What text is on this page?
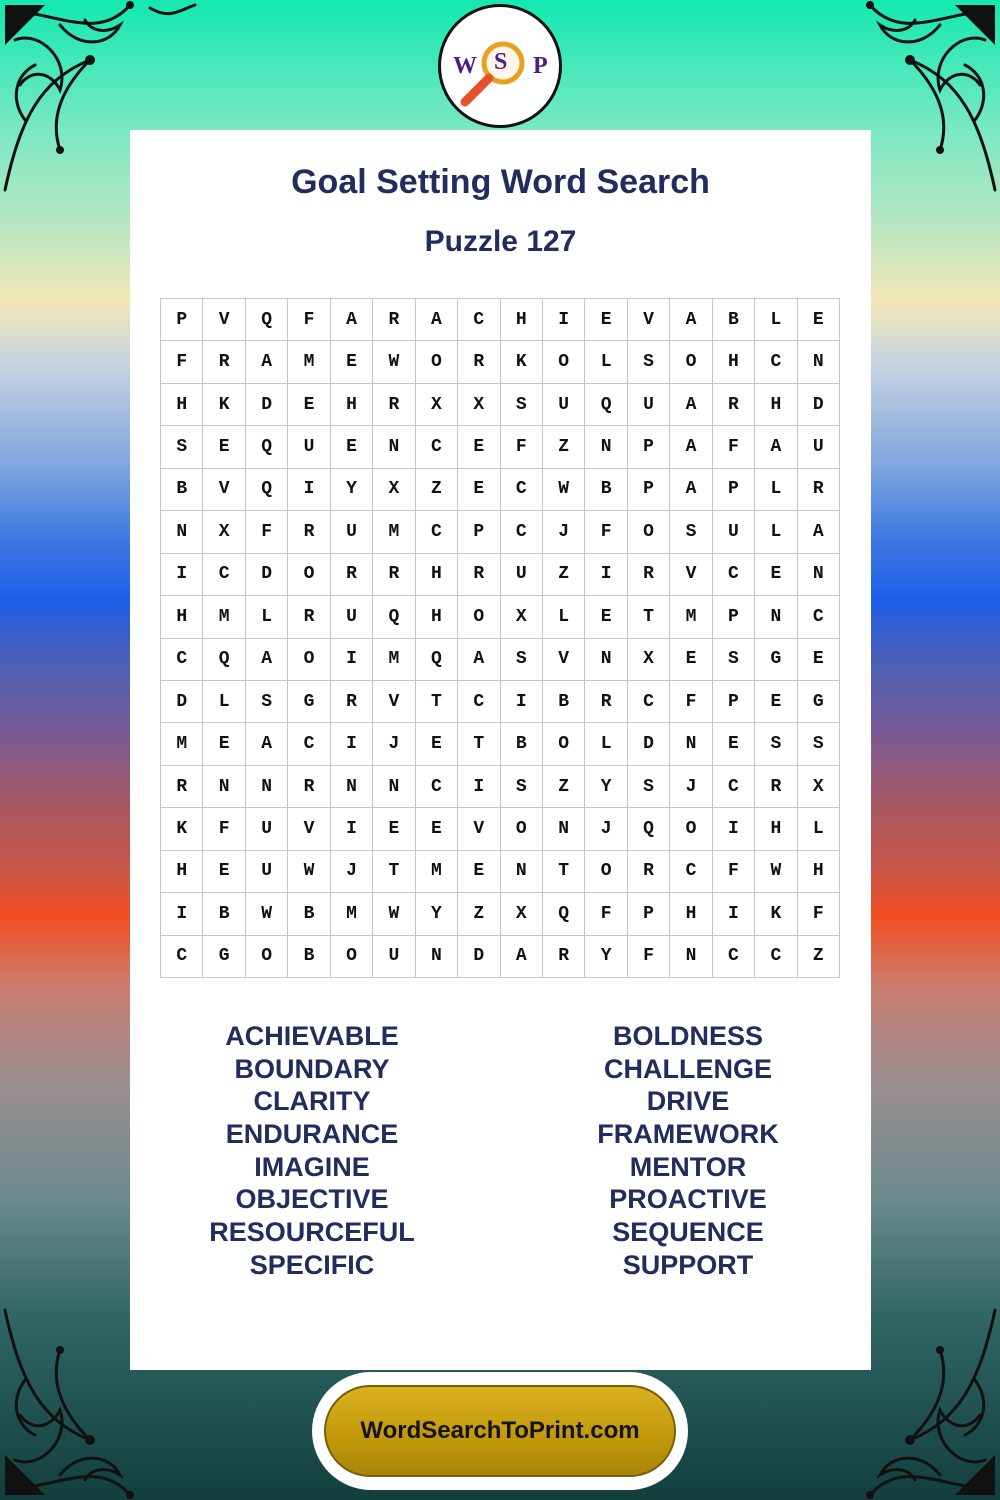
W S P
Goal Setting Word Search
Puzzle 127
P	V	Q	F	A	R	A	C	H	I	E	V	A	B	L	E
F	R	A	M	E	W	O	R	K	O	L	S	O	H	C	N
H	K	D	E	H	R	X	X	S	U	Q	U	A	R	H	D
S	E	Q	U	E	N	C	E	F	Z	N	P	A	F	A	U
B	V	Q	I	Y	X	Z	E	C	W	B	P	A	P	L	R
N	X	F	R	U	M	C	P	C	J	F	O	S	U	L	A
I	C	D	O	R	R	H	R	U	Z	I	R	V	C	E	N
H	M	L	R	U	Q	H	O	X	L	E	T	M	P	N	C
C	Q	A	O	I	M	Q	A	S	V	N	X	E	S	G	E
D	L	S	G	R	V	T	C	I	B	R	C	F	P	E	G
M	E	A	C	I	J	E	T	B	O	L	D	N	E	S	S
R	N	N	R	N	N	C	I	S	Z	Y	S	J	C	R	X
K	F	U	V	I	E	E	V	O	N	J	Q	O	I	H	L
H	E	U	W	J	T	M	E	N	T	O	R	C	F	W	H
I	B	W	B	M	W	Y	Z	X	Q	F	P	H	I	K	F
C	G	O	B	O	U	N	D	A	R	Y	F	N	C	C	Z
ACHIEVABLE
BOUNDARY
CLARITY
ENDURANCE
IMAGINE
OBJECTIVE
RESOURCEFUL
SPECIFIC
BOLDNESS
CHALLENGE
DRIVE
FRAMEWORK
MENTOR
PROACTIVE
SEQUENCE
SUPPORT
WordSearchToPrint.com
